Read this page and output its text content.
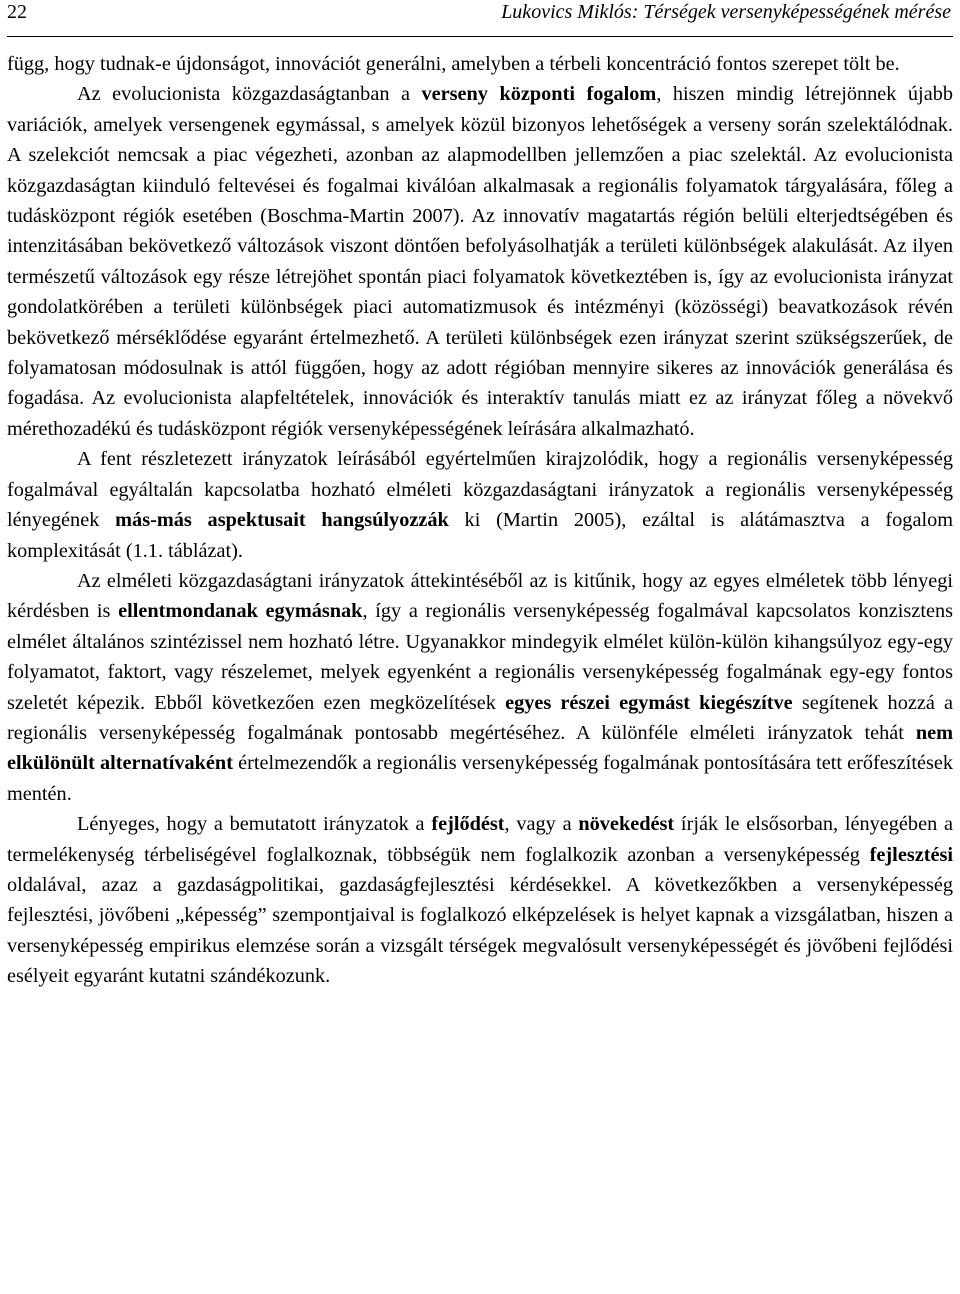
22	Lukovics Miklós: Térségek versenyképességének mérése

függ, hogy tudnak-e újdonságot, innovációt generálni, amelyben a térbeli koncentráció fontos szerepet tölt be.

Az evolucionista közgazdaságtanban a verseny központi fogalom, hiszen mindig létrejönnek újabb variációk, amelyek versengenek egymással, s amelyek közül bizonyos lehetőségek a verseny során szelektálódnak. A szelekciót nemcsak a piac végezheti, azonban az alapmodellben jellemzően a piac szelektál. Az evolucionista közgazdaságtan kiinduló feltevései és fogalmai kiválóan alkalmasak a regionális folyamatok tárgyalására, főleg a tudásközpont régiók esetében (Boschma-Martin 2007). Az innovatív magatartás régión belüli elterjedtségében és intenzitásában bekövetkező változások viszont döntően befolyásolhatják a területi különbségek alakulását. Az ilyen természetű változások egy része létrejöhet spontán piaci folyamatok következtében is, így az evolucionista irányzat gondolatkörében a területi különbségek piaci automatizmusok és intézményi (közösségi) beavatkozások révén bekövetkező mérséklődése egyaránt értelmezhető. A területi különbségek ezen irányzat szerint szükségszerűek, de folyamatosan módosulnak is attól függően, hogy az adott régióban mennyire sikeres az innovációk generálása és fogadása. Az evolucionista alapfeltételek, innovációk és interaktív tanulás miatt ez az irányzat főleg a növekvő mérethozadékú és tudásközpont régiók versenyképességének leírására alkalmazható.

A fent részletezett irányzatok leírásából egyértelműen kirajzolódik, hogy a regionális versenyképesség fogalmával egyáltalán kapcsolatba hozható elméleti közgazdaságtani irányzatok a regionális versenyképesség lényegének más-más aspektusait hangsúlyozzák ki (Martin 2005), ezáltal is alátámasztva a fogalom komplexitását (1.1. táblázat).

Az elméleti közgazdaságtani irányzatok áttekintéséből az is kitűnik, hogy az egyes elméletek több lényegi kérdésben is ellentmondanak egymásnak, így a regionális versenyképesség fogalmával kapcsolatos konzisztens elmélet általános szintézissel nem hozható létre. Ugyanakkor mindegyik elmélet külön-külön kihangsúlyoz egy-egy folyamatot, faktort, vagy részelemet, melyek egyenként a regionális versenyképesség fogalmának egy-egy fontos szeletét képezik. Ebből következően ezen megközelítések egyes részei egymást kiegészítve segítenek hozzá a regionális versenyképesség fogalmának pontosabb megértéséhez. A különféle elméleti irányzatok tehát nem elkülönült alternatívaként értelmezendők a regionális versenyképesség fogalmának pontosítására tett erőfeszítések mentén.

Lényeges, hogy a bemutatott irányzatok a fejlődést, vagy a növekedést írják le elsősorban, lényegében a termelékenység térbeliségével foglalkoznak, többségük nem foglalkozik azonban a versenyképesség fejlesztési oldalával, azaz a gazdaságpolitikai, gazdaságfejlesztési kérdésekkel. A következőkben a versenyképesség fejlesztési, jövőbeni „képesség” szempontjaival is foglalkozó elképzelések is helyet kapnak a vizsgálatban, hiszen a versenyképesség empirikus elemzése során a vizsgált térségek megvalósult versenyképességét és jövőbeni fejlődési esélyeit egyaránt kutatni szándékozunk.
